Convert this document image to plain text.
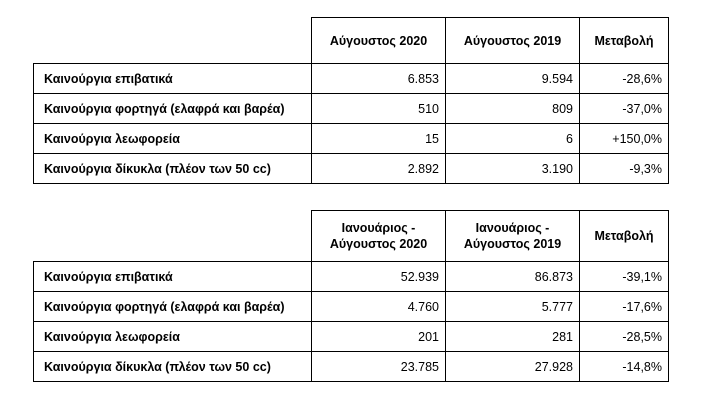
	Αύγουστος 2020	Αύγουστος 2019	Μεταβολή
Καινούργια επιβατικά	6.853	9.594	-28,6%
Καινούργια φορτηγά (ελαφρά και βαρέα)	510	809	-37,0%
Καινούργια λεωφορεία	15	6	+150,0%
Καινούργια δίκυκλα (πλέον των 50 cc)	2.892	3.190	-9,3%
	Ιανουάριος - Αύγουστος 2020	Ιανουάριος - Αύγουστος 2019	Μεταβολή
Καινούργια επιβατικά	52.939	86.873	-39,1%
Καινούργια φορτηγά (ελαφρά και βαρέα)	4.760	5.777	-17,6%
Καινούργια λεωφορεία	201	281	-28,5%
Καινούργια δίκυκλα (πλέον των 50 cc)	23.785	27.928	-14,8%
